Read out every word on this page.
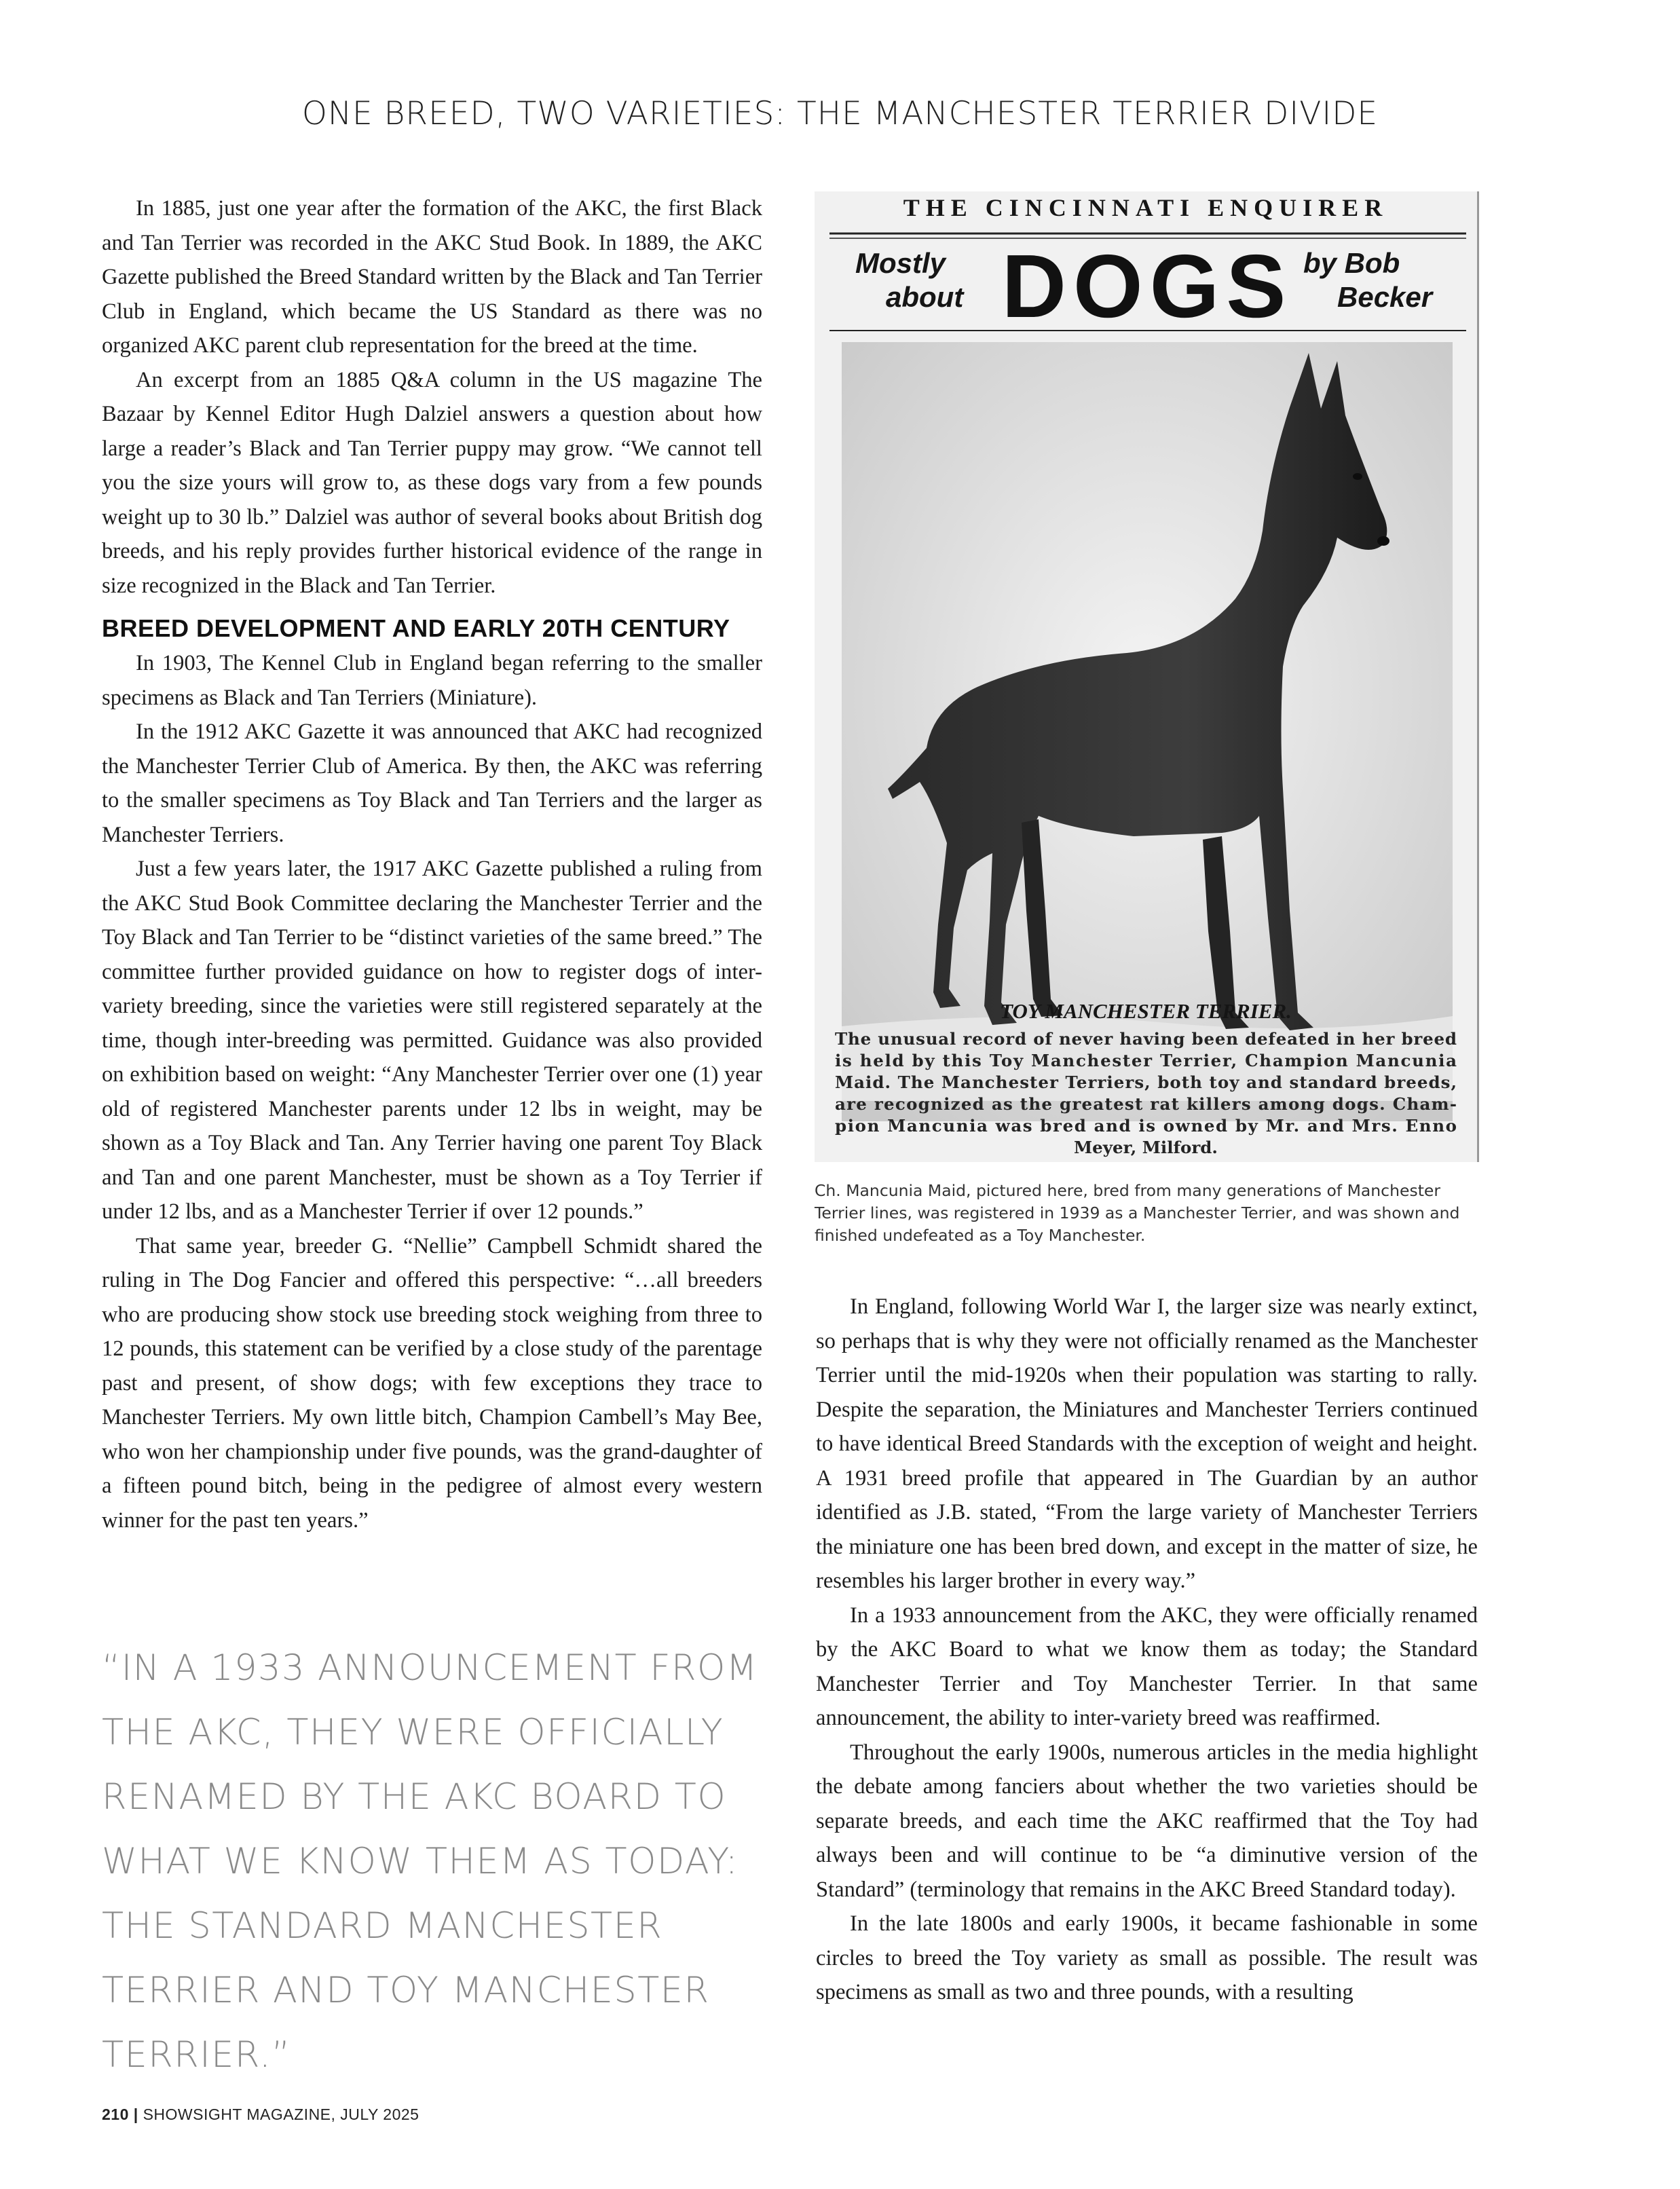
ONE BREED, TWO VARIETIES: THE MANCHESTER TERRIER DIVIDE

In 1885, just one year after the formation of the AKC, the first Black and Tan Terrier was recorded in the AKC Stud Book. In 1889, the AKC Gazette published the Breed Standard written by the Black and Tan Terrier Club in England, which became the US Standard as there was no organized AKC parent club representation for the breed at the time.

An excerpt from an 1885 Q&A column in the US magazine The Bazaar by Kennel Editor Hugh Dalziel answers a question about how large a reader’s Black and Tan Terrier puppy may grow. “We cannot tell you the size yours will grow to, as these dogs vary from a few pounds weight up to 30 lb.” Dalziel was author of several books about British dog breeds, and his reply provides further historical evidence of the range in size recognized in the Black and Tan Terrier.

BREED DEVELOPMENT AND EARLY 20TH CENTURY

In 1903, The Kennel Club in England began referring to the smaller specimens as Black and Tan Terriers (Miniature).

In the 1912 AKC Gazette it was announced that AKC had recognized the Manchester Terrier Club of America. By then, the AKC was referring to the smaller specimens as Toy Black and Tan Terriers and the larger as Manchester Terriers.

Just a few years later, the 1917 AKC Gazette published a ruling from the AKC Stud Book Committee declaring the Manchester Terrier and the Toy Black and Tan Terrier to be “distinct varieties of the same breed.” The committee further provided guidance on how to register dogs of inter-variety breeding, since the varieties were still registered separately at the time, though inter-breeding was permitted. Guidance was also provided on exhibition based on weight: “Any Manchester Terrier over one (1) year old of registered Manchester parents under 12 lbs in weight, may be shown as a Toy Black and Tan. Any Terrier having one parent Toy Black and Tan and one parent Manchester, must be shown as a Toy Terrier if under 12 lbs, and as a Manchester Terrier if over 12 pounds.”

That same year, breeder G. “Nellie” Campbell Schmidt shared the ruling in The Dog Fancier and offered this perspective: “…all breeders who are producing show stock use breeding stock weighing from three to 12 pounds, this statement can be verified by a close study of the parentage past and present, of show dogs; with few exceptions they trace to Manchester Terriers. My own little bitch, Champion Cambell’s May Bee, who won her championship under five pounds, was the grand-daughter of a fifteen pound bitch, being in the pedigree of almost every western winner for the past ten years.”

“IN A 1933 ANNOUNCEMENT FROM THE AKC, THEY WERE OFFICIALLY RENAMED BY THE AKC BOARD TO WHAT WE KNOW THEM AS TODAY: THE STANDARD MANCHESTER TERRIER AND TOY MANCHESTER TERRIER.”

THE CINCINNATI ENQUIRER
Mostly
about DOGS by Bob
Becker
TOY MANCHESTER TERRIER.
The unusual record of never having been defeated in her breed
is held by this Toy Manchester Terrier, Champion Mancunia
Maid. The Manchester Terriers, both toy and standard breeds,
are recognized as the greatest rat killers among dogs. Cham-
pion Mancunia was bred and is owned by Mr. and Mrs. Enno
Meyer, Milford.

Ch. Mancunia Maid, pictured here, bred from many generations of Manchester Terrier lines, was registered in 1939 as a Manchester Terrier, and was shown and finished undefeated as a Toy Manchester.

In England, following World War I, the larger size was nearly extinct, so perhaps that is why they were not officially renamed as the Manchester Terrier until the mid-1920s when their population was starting to rally. Despite the separation, the Miniatures and Manchester Terriers continued to have identical Breed Standards with the exception of weight and height. A 1931 breed profile that appeared in The Guardian by an author identified as J.B. stated, “From the large variety of Manchester Terriers the miniature one has been bred down, and except in the matter of size, he resembles his larger brother in every way.”

In a 1933 announcement from the AKC, they were officially renamed by the AKC Board to what we know them as today; the Standard Manchester Terrier and Toy Manchester Terrier. In that same announcement, the ability to inter-variety breed was reaffirmed.

Throughout the early 1900s, numerous articles in the media highlight the debate among fanciers about whether the two varieties should be separate breeds, and each time the AKC reaffirmed that the Toy had always been and will continue to be “a diminutive version of the Standard” (terminology that remains in the AKC Breed Standard today).

In the late 1800s and early 1900s, it became fashionable in some circles to breed the Toy variety as small as possible. The result was specimens as small as two and three pounds, with a resulting

210 | SHOWSIGHT MAGAZINE, JULY 2025
